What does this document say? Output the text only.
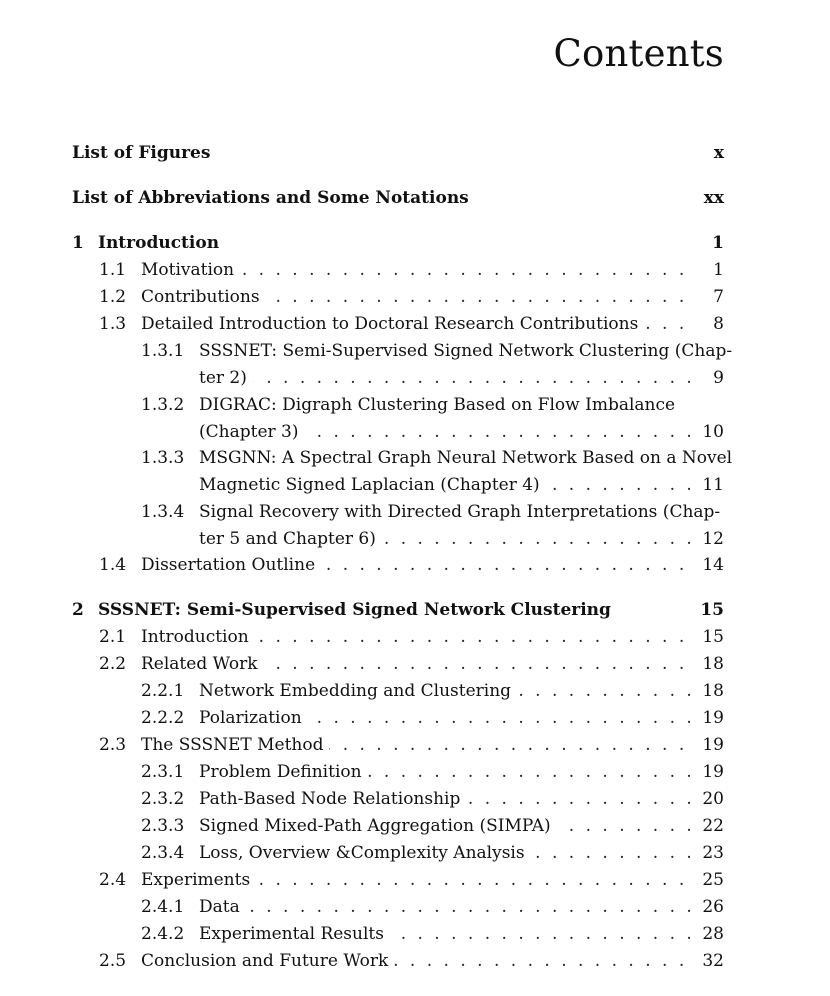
Contents
List of Figures	x
List of Abbreviations and Some Notations	xx
1 Introduction	1
1.1 Motivation . . .	1
1.2 Contributions . . .	7
1.3 Detailed Introduction to Doctoral Research Contributions . . .	8
1.3.1 SSSNET: Semi-Supervised Signed Network Clustering (Chap-
ter 2) . . .	9
1.3.2 DIGRAC: Digraph Clustering Based on Flow Imbalance
(Chapter 3) . . .	10
1.3.3 MSGNN: A Spectral Graph Neural Network Based on a Novel
Magnetic Signed Laplacian (Chapter 4) . . .	11
1.3.4 Signal Recovery with Directed Graph Interpretations (Chap-
ter 5 and Chapter 6) . . .	12
1.4 Dissertation Outline . . .	14
2 SSSNET: Semi-Supervised Signed Network Clustering	15
2.1 Introduction . . .	15
2.2 Related Work . . .	18
2.2.1 Network Embedding and Clustering . . .	18
2.2.2 Polarization . . .	19
2.3 The SSSNET Method . . .	19
2.3.1 Problem Definition . . .	19
2.3.2 Path-Based Node Relationship . . .	20
2.3.3 Signed Mixed-Path Aggregation (SIMPA) . . .	22
2.3.4 Loss, Overview &Complexity Analysis . . .	23
2.4 Experiments . . .	25
2.4.1 Data . . .	26
2.4.2 Experimental Results . . .	28
2.5 Conclusion and Future Work . . .	32
